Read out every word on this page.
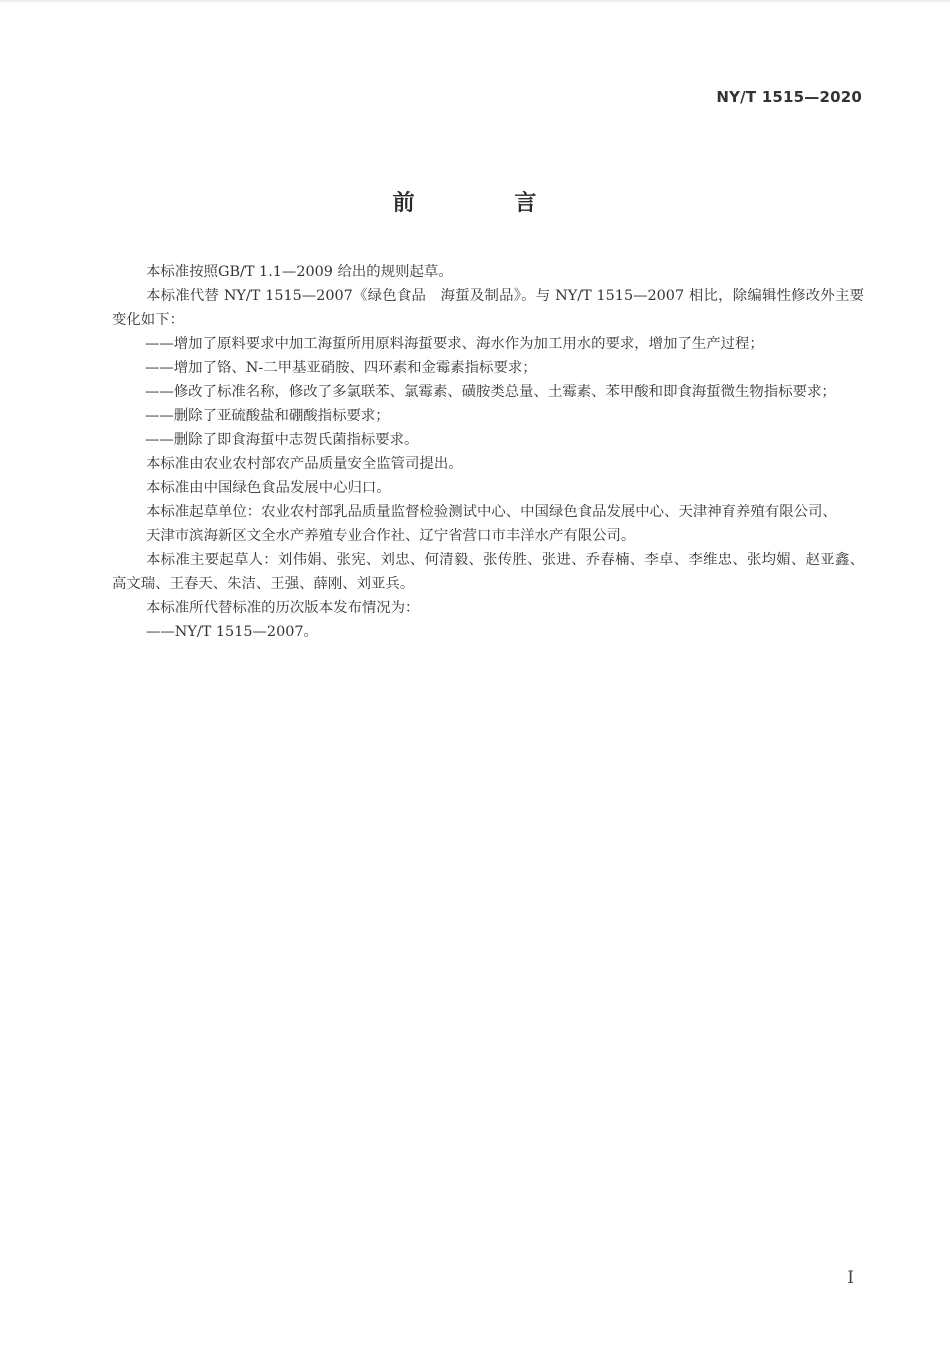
NY/T 1515—2020
前 言

本标准按照GB/T 1.1—2009 给出的规则起草。

本标准代替 NY/T 1515—2007《绿色食品　海蜇及制品》。与 NY/T 1515—2007 相比，除编辑性修改外主要变化如下：

——增加了原料要求中加工海蜇所用原料海蜇要求、海水作为加工用水的要求，增加了生产过程；

——增加了铬、N-二甲基亚硝胺、四环素和金霉素指标要求；

——修改了标准名称，修改了多氯联苯、氯霉素、磺胺类总量、土霉素、苯甲酸和即食海蜇微生物指标要求；

——删除了亚硫酸盐和硼酸指标要求；

——删除了即食海蜇中志贺氏菌指标要求。

本标准由农业农村部农产品质量安全监管司提出。

本标准由中国绿色食品发展中心归口。

本标准起草单位：农业农村部乳品质量监督检验测试中心、中国绿色食品发展中心、天津神育养殖有限公司、

天津市滨海新区文全水产养殖专业合作社、辽宁省营口市丰洋水产有限公司。

本标准主要起草人：刘伟娟、张宪、刘忠、何清毅、张传胜、张进、乔春楠、李卓、李维忠、张均媚、赵亚鑫、高文瑞、王春天、朱洁、王强、薛刚、刘亚兵。

本标准所代替标准的历次版本发布情况为：

——NY/T 1515—2007。

I
